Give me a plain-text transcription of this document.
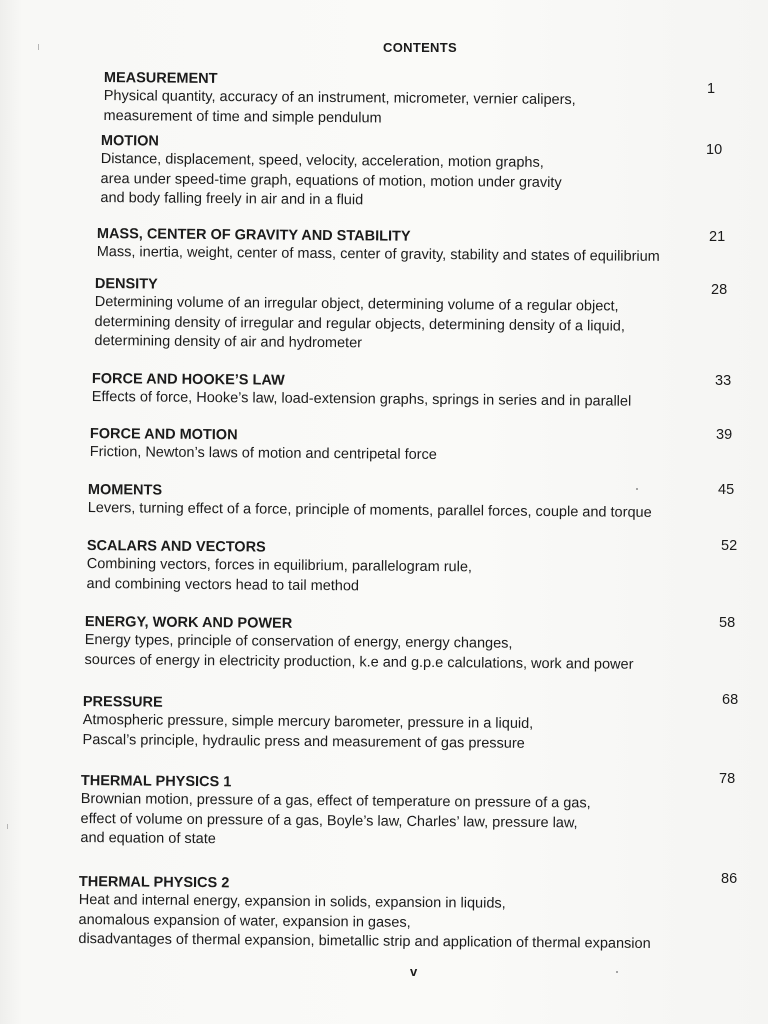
CONTENTS
MEASUREMENT
Physical quantity, accuracy of an instrument, micrometer, vernier calipers,
measurement of time and simple pendulum
1
MOTION
Distance, displacement, speed, velocity, acceleration, motion graphs,
area under speed-time graph, equations of motion, motion under gravity
and body falling freely in air and in a fluid
10
MASS, CENTER OF GRAVITY AND STABILITY
Mass, inertia, weight, center of mass, center of gravity, stability and states of equilibrium
21
DENSITY
Determining volume of an irregular object, determining volume of a regular object,
determining density of irregular and regular objects, determining density of a liquid,
determining density of air and hydrometer
28
FORCE AND HOOKE’S LAW
Effects of force, Hooke’s law, load-extension graphs, springs in series and in parallel
33
FORCE AND MOTION
Friction, Newton’s laws of motion and centripetal force
39
MOMENTS
Levers, turning effect of a force, principle of moments, parallel forces, couple and torque
45
SCALARS AND VECTORS
Combining vectors, forces in equilibrium, parallelogram rule,
and combining vectors head to tail method
52
ENERGY, WORK AND POWER
Energy types, principle of conservation of energy, energy changes,
sources of energy in electricity production, k.e and g.p.e calculations, work and power
58
PRESSURE
Atmospheric pressure, simple mercury barometer, pressure in a liquid,
Pascal’s principle, hydraulic press and measurement of gas pressure
68
THERMAL PHYSICS 1
Brownian motion, pressure of a gas, effect of temperature on pressure of a gas,
effect of volume on pressure of a gas, Boyle’s law, Charles’ law, pressure law,
and equation of state
78
THERMAL PHYSICS 2
Heat and internal energy, expansion in solids, expansion in liquids,
anomalous expansion of water, expansion in gases,
disadvantages of thermal expansion, bimetallic strip and application of thermal expansion
86
v
